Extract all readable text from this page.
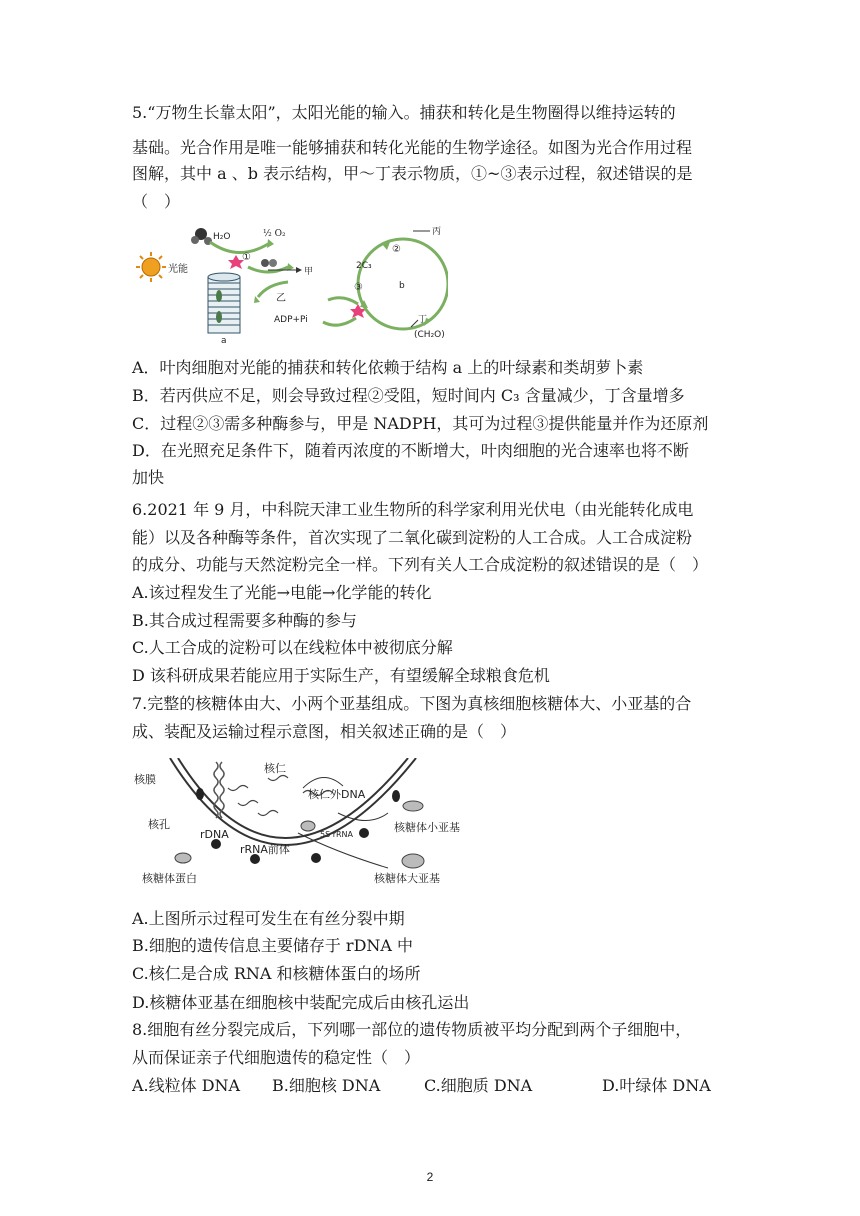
5.“万物生长靠太阳”，太阳光能的输入。捕获和转化是生物圈得以维持运转的
基础。光合作用是唯一能够捕获和转化光能的生物学途径。如图为光合作用过程
图解，其中 a 、b 表示结构，甲～丁表示物质，①~③表示过程，叙述错误的是
（　）
光能
H₂O	½ O₂
①
甲
乙
丙
②
2C₃
b
③
丁
ADP+Pi
(CH₂O)
a
A．叶肉细胞对光能的捕获和转化依赖于结构 a 上的叶绿素和类胡萝卜素
B．若丙供应不足，则会导致过程②受阻，短时间内 C₃ 含量减少，丁含量增多
C．过程②③需多种酶参与，甲是 NADPH，其可为过程③提供能量并作为还原剂
D．在光照充足条件下，随着丙浓度的不断增大，叶肉细胞的光合速率也将不断
加快
6.2021 年 9 月，中科院天津工业生物所的科学家利用光伏电（由光能转化成电
能）以及各种酶等条件，首次实现了二氧化碳到淀粉的人工合成。人工合成淀粉
的成分、功能与天然淀粉完全一样。下列有关人工合成淀粉的叙述错误的是（　）
A.该过程发生了光能→电能→化学能的转化
B.其合成过程需要多种酶的参与
C.人工合成的淀粉可以在线粒体中被彻底分解
D 该科研成果若能应用于实际生产，有望缓解全球粮食危机
7.完整的核糖体由大、小两个亚基组成。下图为真核细胞核糖体大、小亚基的合
成、装配及运输过程示意图，相关叙述正确的是（　）
核膜
核孔
rDNA
核仁
核仁外DNA
5S rRNA
rRNA前体
核糖体蛋白
核糖体小亚基
核糖体大亚基
A.上图所示过程可发生在有丝分裂中期
B.细胞的遗传信息主要储存于 rDNA 中
C.核仁是合成 RNA 和核糖体蛋白的场所
D.核糖体亚基在细胞核中装配完成后由核孔运出
8.细胞有丝分裂完成后，下列哪一部位的遗传物质被平均分配到两个子细胞中，
从而保证亲子代细胞遗传的稳定性（　）
A.线粒体 DNA B.细胞核 DNA	C.细胞质 DNA	D.叶绿体 DNA
2
